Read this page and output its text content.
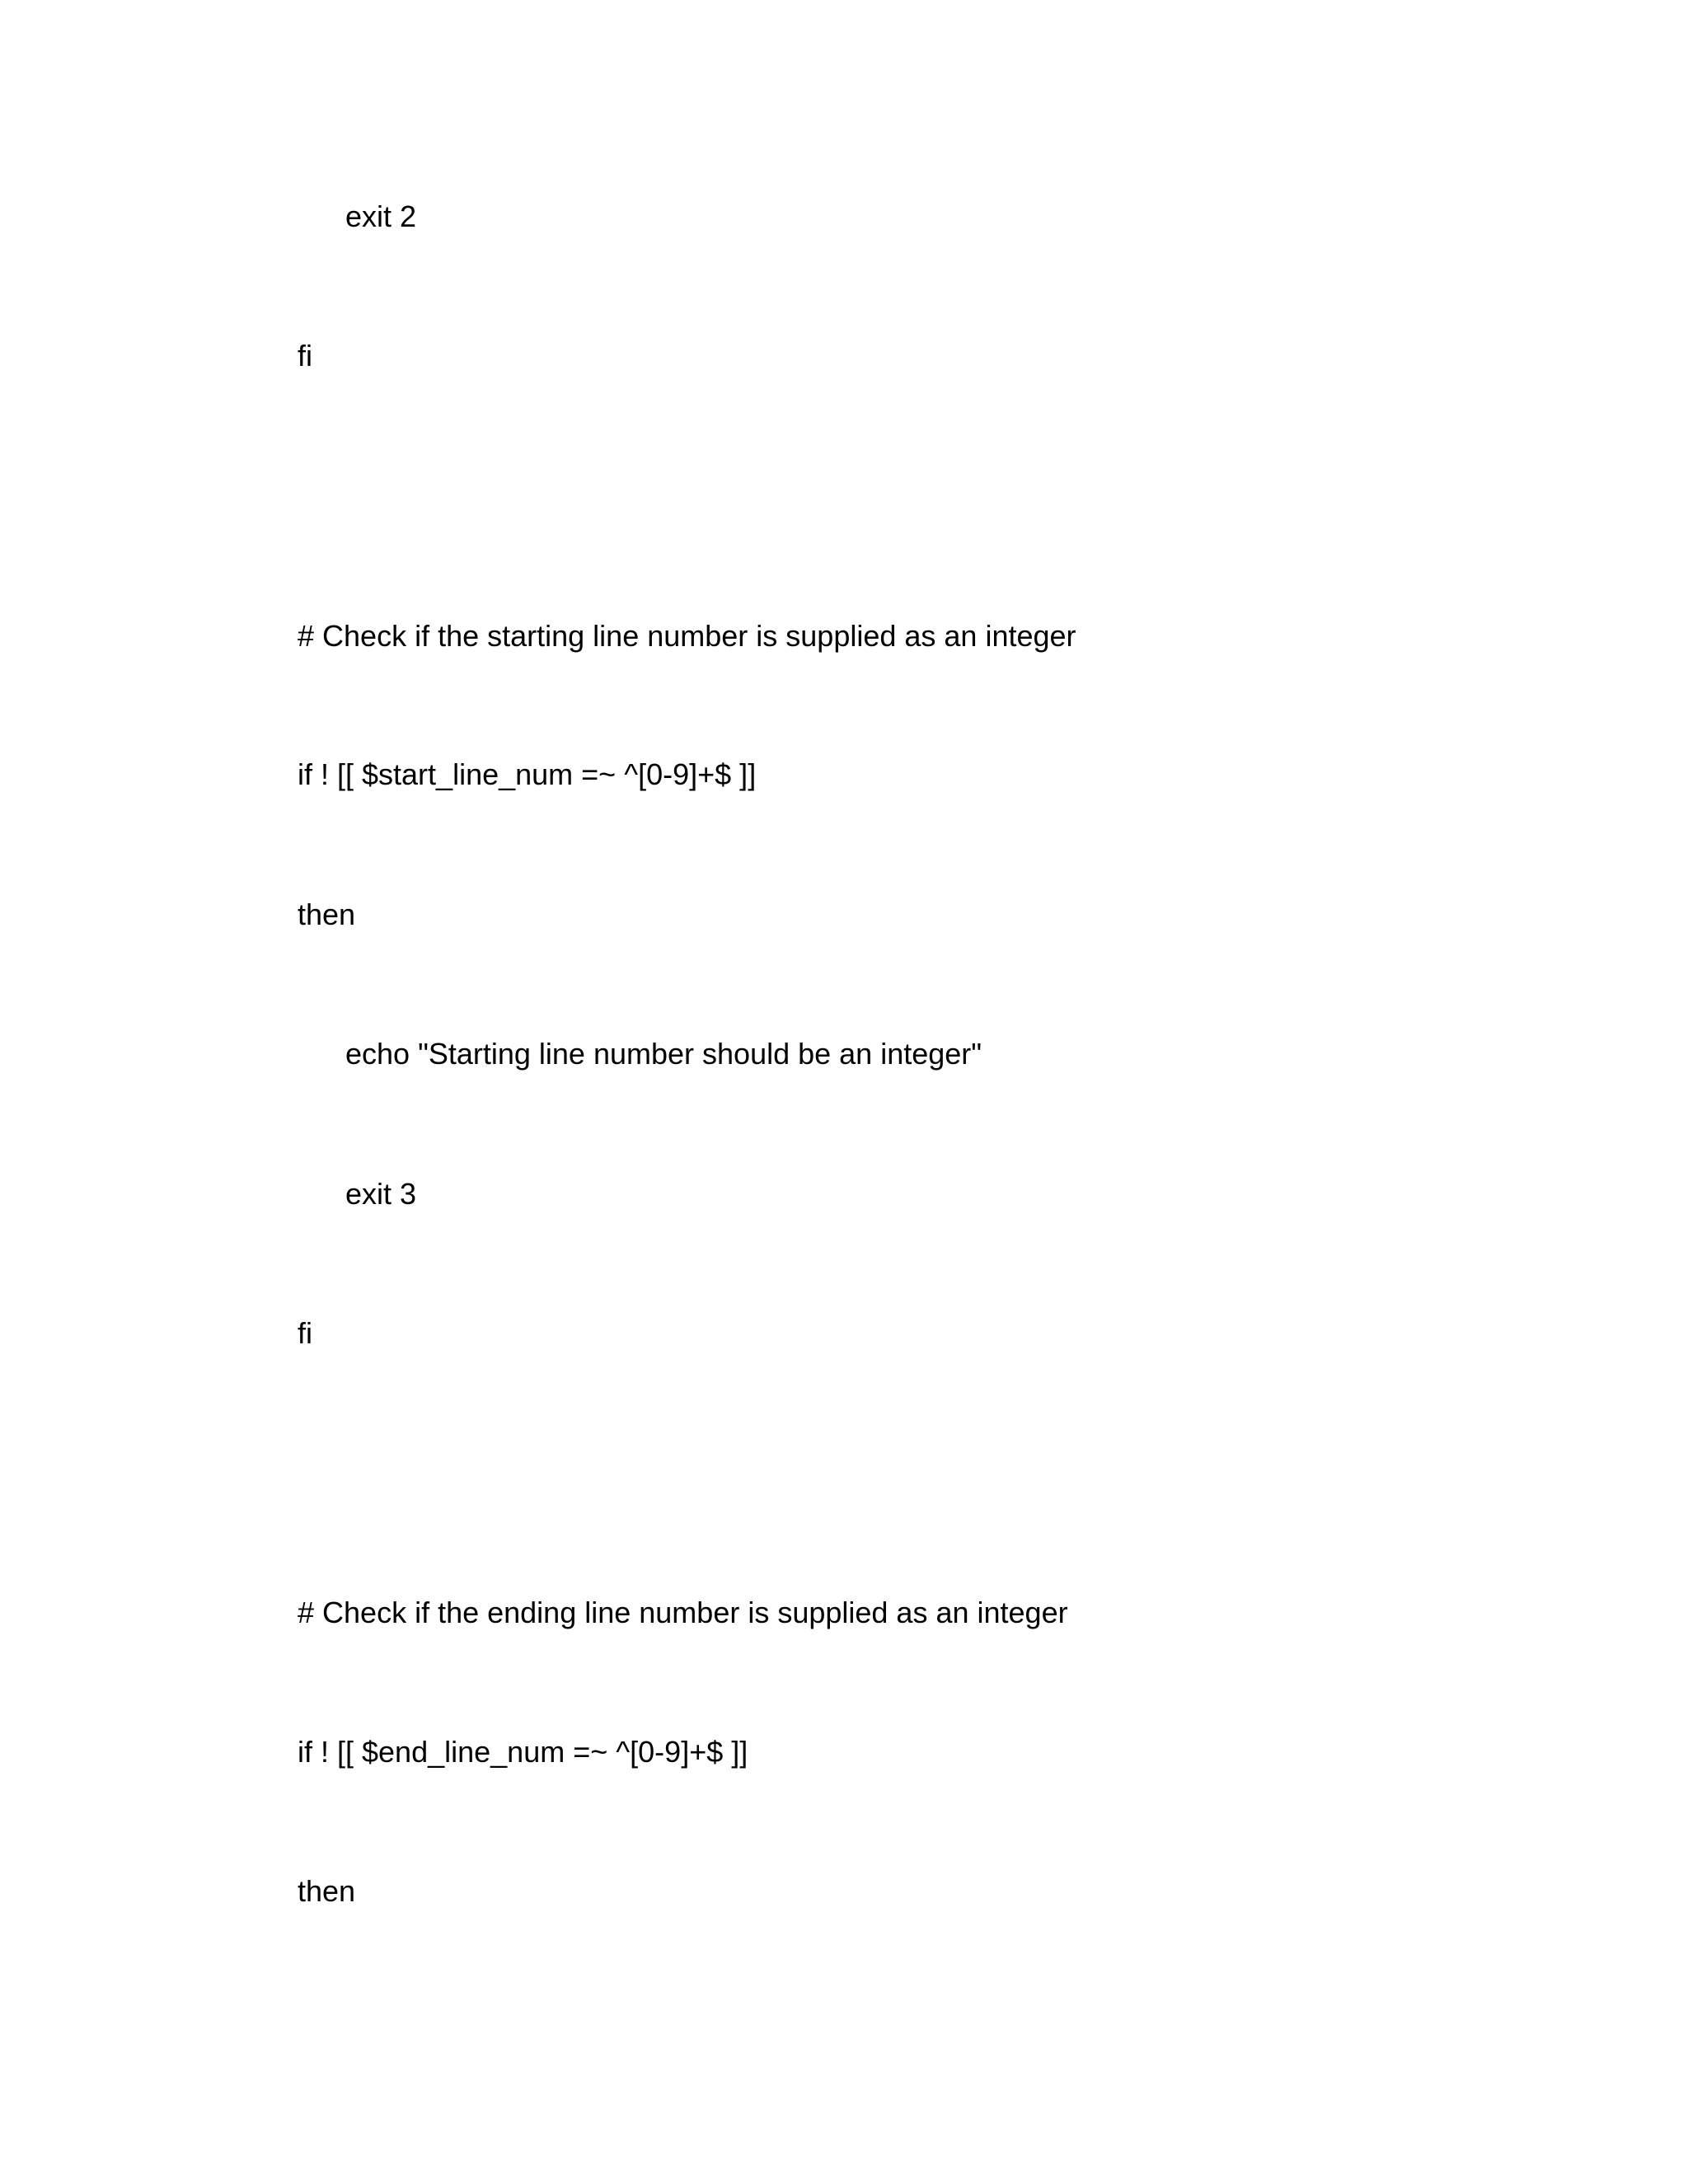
exit 2
fi
# Check if the starting line number is supplied as an integer
if ! [[ $start_line_num =~ ^[0-9]+$ ]]
then
echo "Starting line number should be an integer"
exit 3
fi
# Check if the ending line number is supplied as an integer
if ! [[ $end_line_num =~ ^[0-9]+$ ]]
then
